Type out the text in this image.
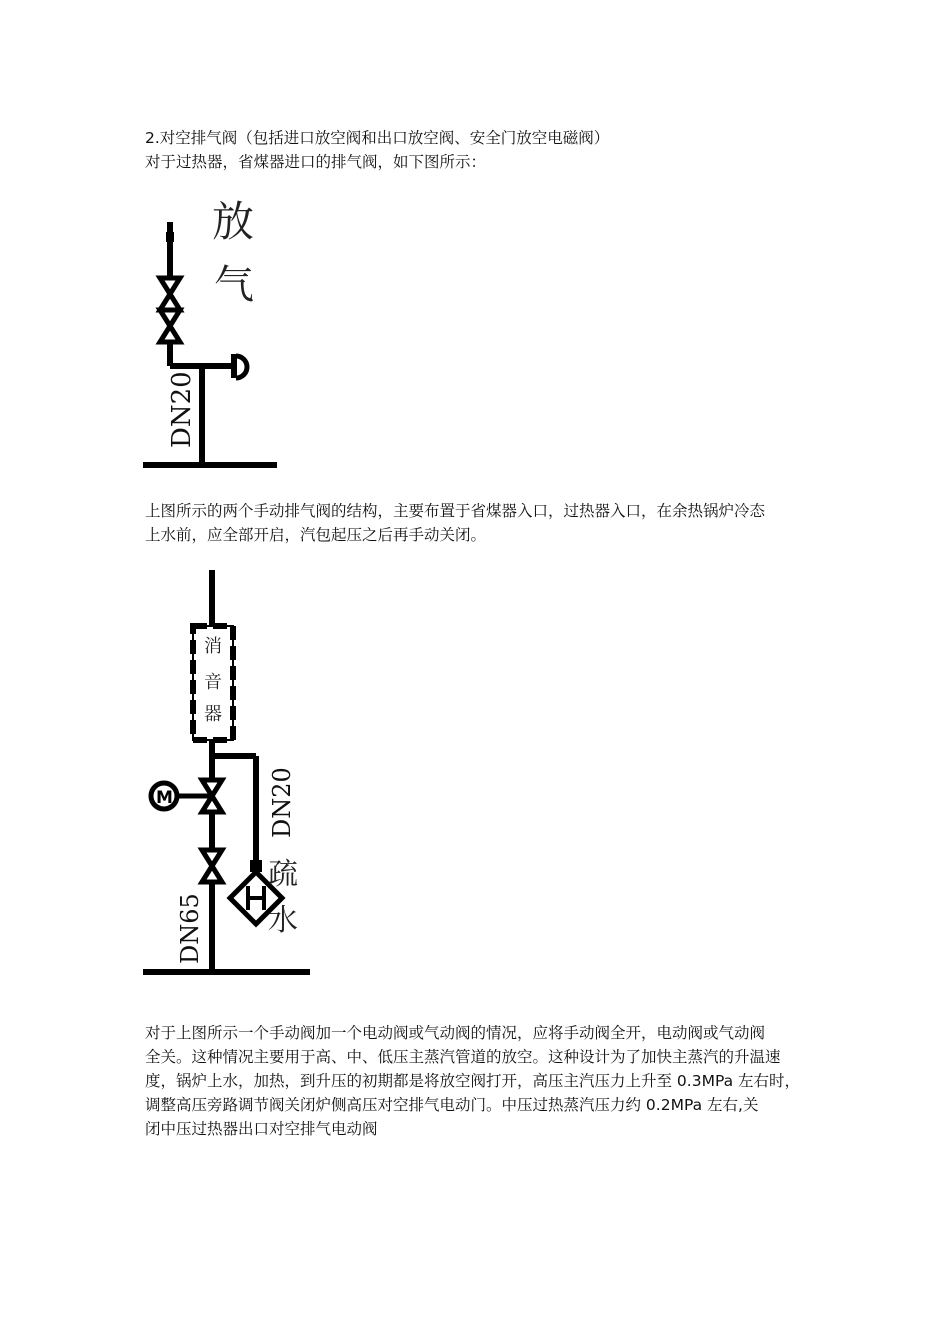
2.对空排气阀（包括进口放空阀和出口放空阀、安全门放空电磁阀）
对于过热器，省煤器进口的排气阀，如下图所示：
放
气
DN20
上图所示的两个手动排气阀的结构，主要布置于省煤器入口，过热器入口，在余热锅炉冷态
上水前，应全部开启，汽包起压之后再手动关闭。
消
音
器
M
DN65
DN20
疏
水
对于上图所示一个手动阀加一个电动阀或气动阀的情况，应将手动阀全开，电动阀或气动阀
全关。这种情况主要用于高、中、低压主蒸汽管道的放空。这种设计为了加快主蒸汽的升温速
度，锅炉上水，加热，到升压的初期都是将放空阀打开，高压主汽压力上升至 0.3MPa 左右时，
调整高压旁路调节阀关闭炉侧高压对空排气电动门。中压过热蒸汽压力约 0.2MPa 左右,关
闭中压过热器出口对空排气电动阀
